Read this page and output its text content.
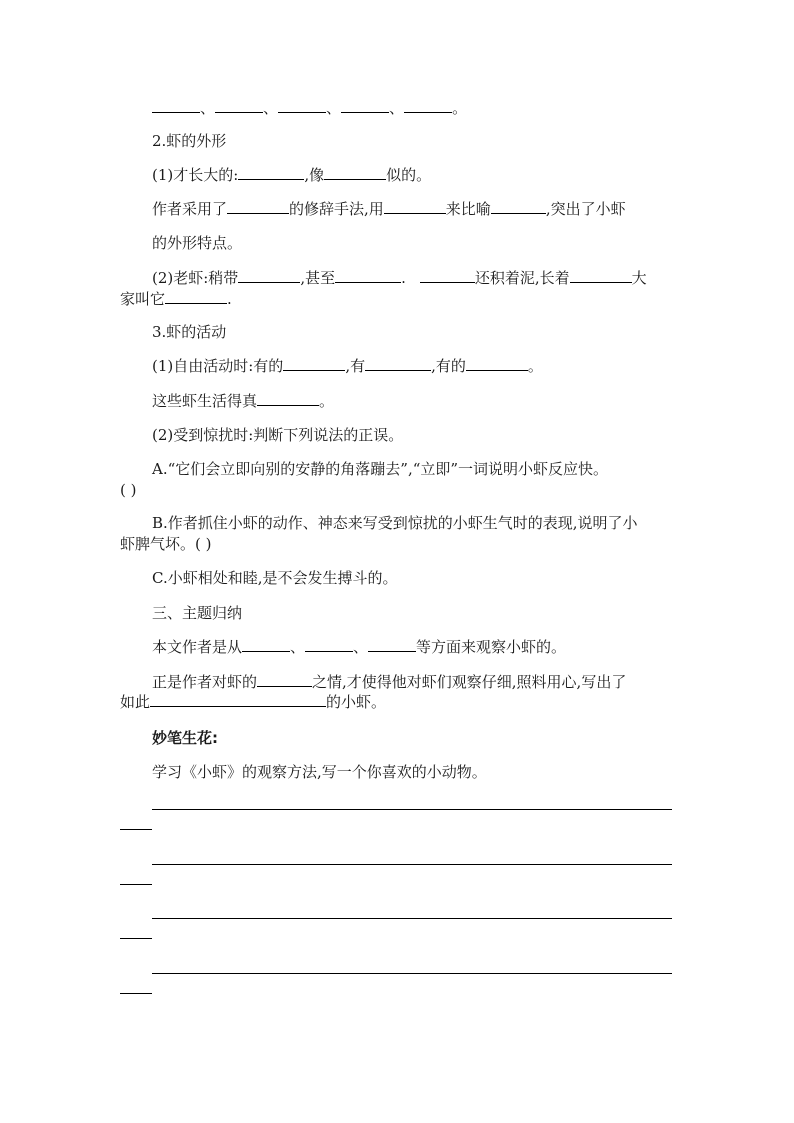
、	、	、	、	。
2.虾的外形
(1)才长大的:	,像	似的。
作者采用了	的修辞手法,用	来比喻	,突出了小虾
的外形特点。
(2)老虾:稍带	,甚至	.	还积着泥,长着	大
家叫它	.
3.虾的活动
(1)自由活动时:有的	,有	,有的	。
这些虾生活得真	。
(2)受到惊扰时:判断下列说法的正误。
A.“它们会立即向别的安静的角落蹦去”,“立即”一词说明小虾反应快。
( )
B.作者抓住小虾的动作、神态来写受到惊扰的小虾生气时的表现,说明了小
虾脾气坏。( )
C.小虾相处和睦,是不会发生搏斗的。
三、主题归纳
本文作者是从	、	、	等方面来观察小虾的。
正是作者对虾的	之情,才使得他对虾们观察仔细,照料用心,写出了
如此	的小虾。
妙笔生花:
学习《小虾》的观察方法,写一个你喜欢的小动物。
